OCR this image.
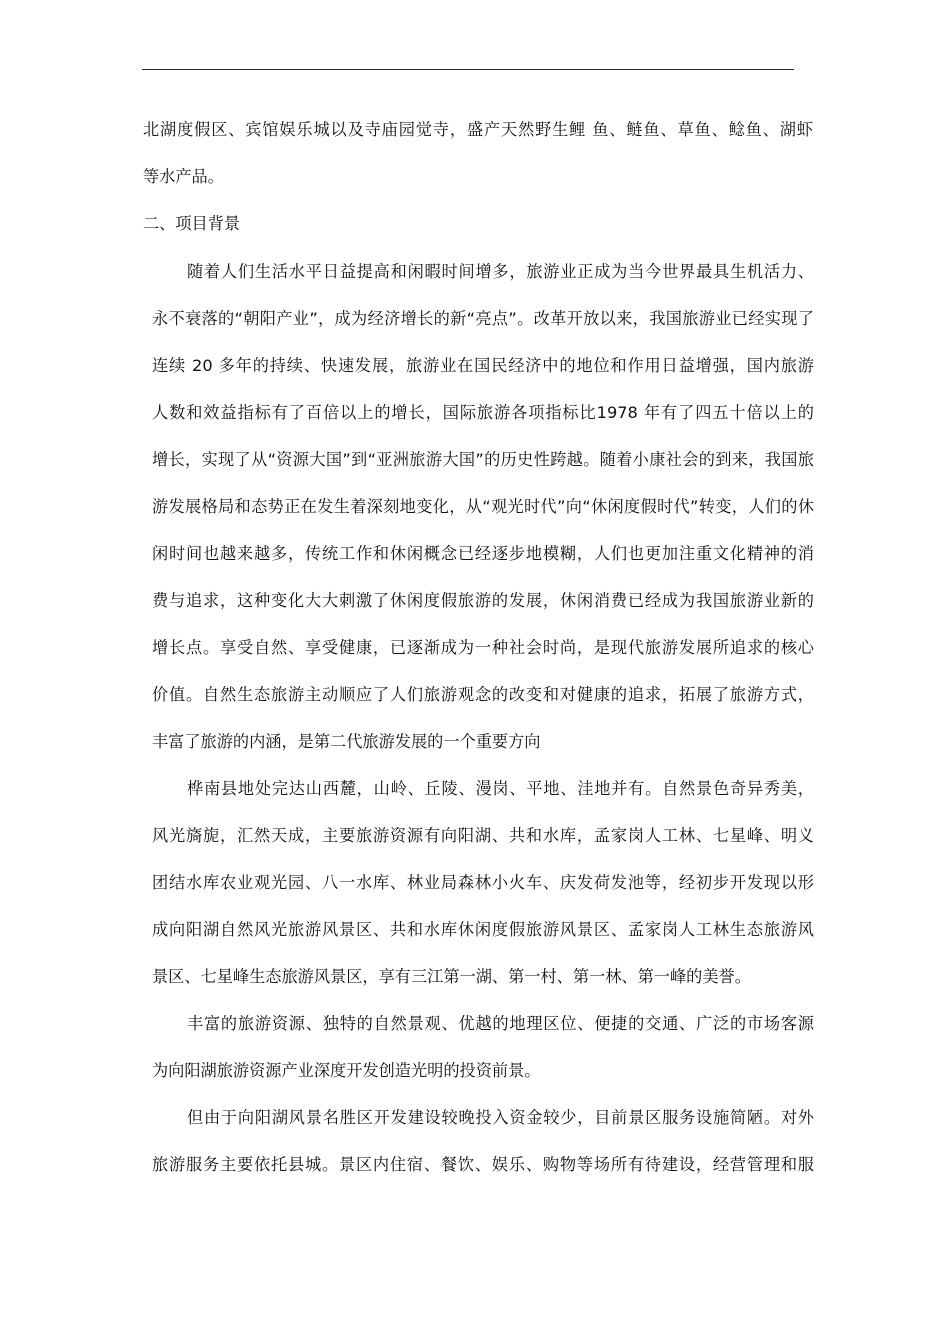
北湖度假区、宾馆娱乐城以及寺庙园觉寺，盛产天然野生鲤 鱼、鲢鱼、草鱼、鲶鱼、湖虾
等水产品。
二、项目背景
随着人们生活水平日益提高和闲暇时间增多，旅游业正成为当今世界最具生机活力、
永不衰落的“朝阳产业”，成为经济增长的新“亮点”。改革开放以来，我国旅游业已经实现了
连续 20 多年的持续、快速发展，旅游业在国民经济中的地位和作用日益增强，国内旅游
人数和效益指标有了百倍以上的增长，国际旅游各项指标比1978 年有了四五十倍以上的
增长，实现了从“资源大国”到“亚洲旅游大国”的历史性跨越。随着小康社会的到来，我国旅
游发展格局和态势正在发生着深刻地变化，从“观光时代”向“休闲度假时代”转变，人们的休
闲时间也越来越多，传统工作和休闲概念已经逐步地模糊，人们也更加注重文化精神的消
费与追求，这种变化大大刺激了休闲度假旅游的发展，休闲消费已经成为我国旅游业新的
增长点。享受自然、享受健康，已逐渐成为一种社会时尚，是现代旅游发展所追求的核心
价值。自然生态旅游主动顺应了人们旅游观念的改变和对健康的追求，拓展了旅游方式，
丰富了旅游的内涵，是第二代旅游发展的一个重要方向
桦南县地处完达山西麓，山岭、丘陵、漫岗、平地、洼地并有。自然景色奇异秀美，
风光旖旎，汇然天成，主要旅游资源有向阳湖、共和水库，孟家岗人工林、七星峰、明义
团结水库农业观光园、八一水库、林业局森林小火车、庆发荷发池等，经初步开发现以形
成向阳湖自然风光旅游风景区、共和水库休闲度假旅游风景区、孟家岗人工林生态旅游风
景区、七星峰生态旅游风景区，享有三江第一湖、第一村、第一林、第一峰的美誉。
丰富的旅游资源、独特的自然景观、优越的地理区位、便捷的交通、广泛的市场客源
为向阳湖旅游资源产业深度开发创造光明的投资前景。
但由于向阳湖风景名胜区开发建设较晚投入资金较少，目前景区服务设施简陋。对外
旅游服务主要依托县城。景区内住宿、餐饮、娱乐、购物等场所有待建设，经营管理和服
